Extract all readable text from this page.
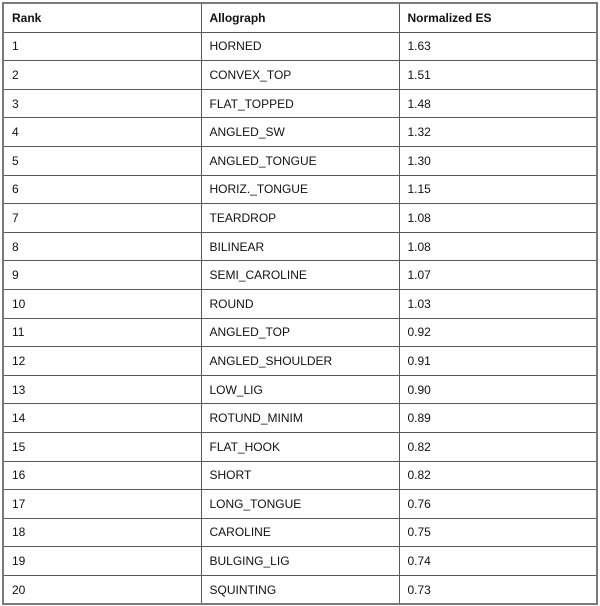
Rank	Allograph	Normalized ES
1	HORNED	1.63
2	CONVEX_TOP	1.51
3	FLAT_TOPPED	1.48
4	ANGLED_SW	1.32
5	ANGLED_TONGUE	1.30
6	HORIZ._TONGUE	1.15
7	TEARDROP	1.08
8	BILINEAR	1.08
9	SEMI_CAROLINE	1.07
10	ROUND	1.03
11	ANGLED_TOP	0.92
12	ANGLED_SHOULDER	0.91
13	LOW_LIG	0.90
14	ROTUND_MINIM	0.89
15	FLAT_HOOK	0.82
16	SHORT	0.82
17	LONG_TONGUE	0.76
18	CAROLINE	0.75
19	BULGING_LIG	0.74
20	SQUINTING	0.73
